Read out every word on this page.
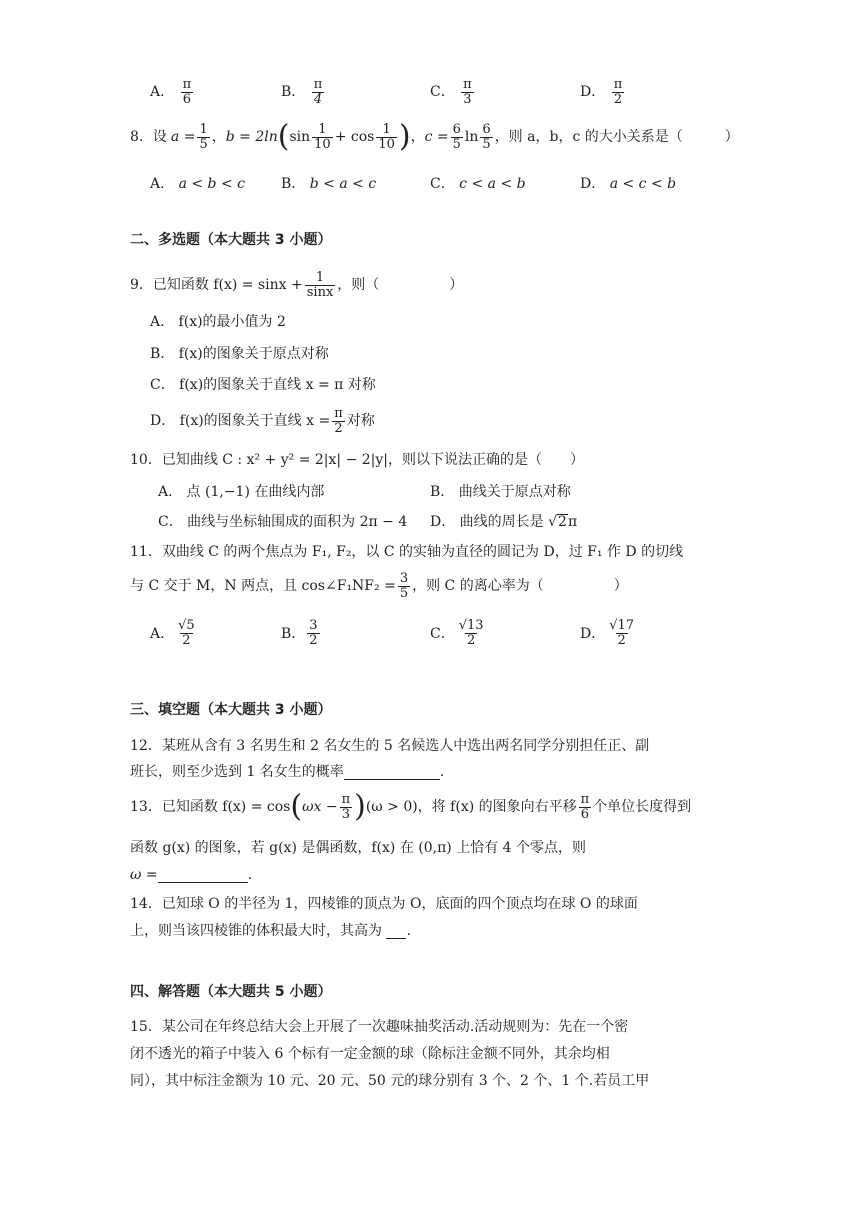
A． $\frac{\pi}{6}$	B． $\frac{\pi}{4}$	C． $\frac{\pi}{3}$	D． $\frac{\pi}{2}$
8．设 $a = \frac{1}{5}$ ， b = 2ln ( $\sin \frac{1}{10} + \cos \frac{1}{10}$ ) ， $c = \frac{6}{5}$ $\ln \frac{6}{5}$ ，则 a，b，c 的大小关系是（　　　）
A． a < b < c	B． b < a < c	C． c < a < b	D． a < c < b
二、多选题（本大题共 3 小题）
9．已知函数 $f(x) = \sin x + \frac{1}{\sin x}$ ，则（　　　　　）
A． f(x)的最小值为 2
B． f(x)的图象关于原点对称
C． f(x)的图象关于直线 x = π 对称
D． f(x)的图象关于直线 $x = \frac{\pi}{2}$ 对称
10．已知曲线 C : x² + y² = 2|x| − 2|y|，则以下说法正确的是（　　）
A． 点 (1,−1) 在曲线内部	B． 曲线关于原点对称
C． 曲线与坐标轴围成的面积为 2π − 4 D． 曲线的周长是 √2π
11．双曲线 C 的两个焦点为 F₁, F₂，以 C 的实轴为直径的圆记为 D，过 F₁ 作 D 的切线
与 C 交于 M，N 两点，且 cos∠F₁NF₂ = $\frac{3}{5}$ ，则 C 的离心率为（　　　　　）
A． $\frac{√5}{2}$	B． $\frac{3}{2}$	C． $\frac{√13}{2}$	D． $\frac{√17}{2}$
三、填空题（本大题共 3 小题）
12．某班从含有 3 名男生和 2 名女生的 5 名候选人中选出两名同学分别担任正、副
班长，则至少选到 1 名女生的概率	.
13．已知函数 f(x) = cos ( $\omega x - \frac{\pi}{3}$ ) (ω > 0)，将 f(x) 的图象向右平移 $\frac{\pi}{6}$ 个单位长度得到
函数 g(x) 的图象，若 g(x) 是偶函数，f(x) 在 (0,π) 上恰有 4 个零点，则
ω =	.
14．已知球 O 的半径为 1，四棱锥的顶点为 O，底面的四个顶点均在球 O 的球面
上，则当该四棱锥的体积最大时，其高为  .
四、解答题（本大题共 5 小题）
15．某公司在年终总结大会上开展了一次趣味抽奖活动.活动规则为：先在一个密
闭不透光的箱子中装入 6 个标有一定金额的球（除标注金额不同外，其余均相
同），其中标注金额为 10 元、20 元、50 元的球分别有 3 个、2 个、1 个.若员工甲
